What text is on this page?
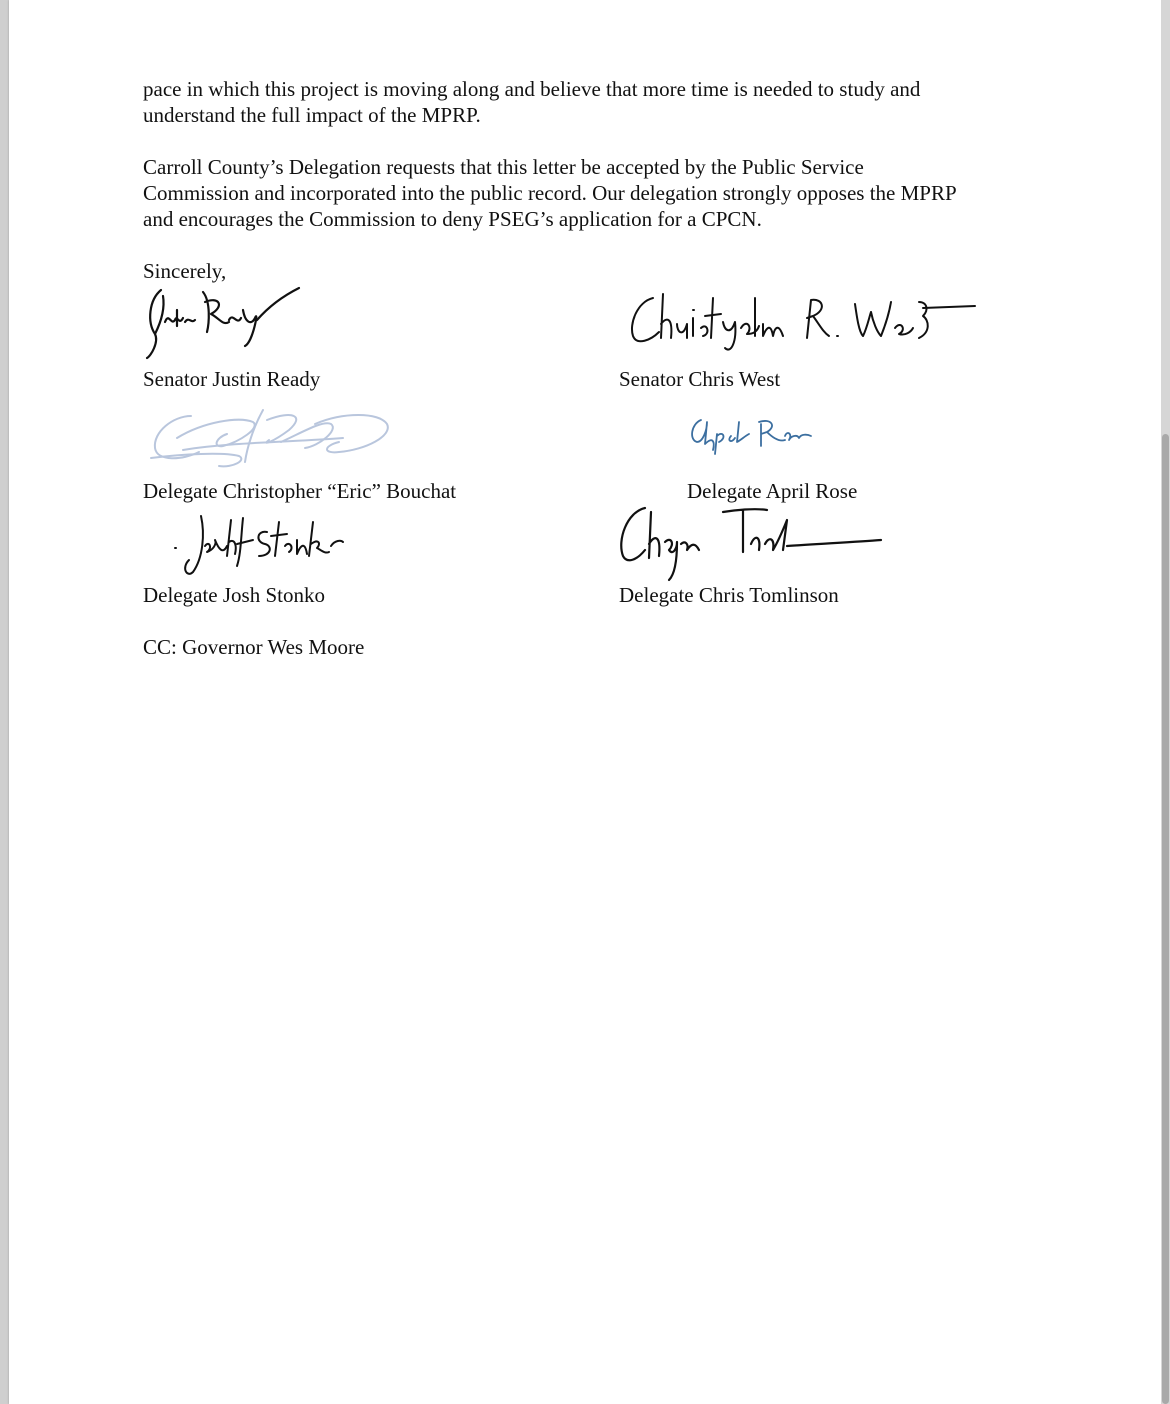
pace in which this project is moving along and believe that more time is needed to study and

understand the full impact of the MPRP.

Carroll County’s Delegation requests that this letter be accepted by the Public Service

Commission and incorporated into the public record. Our delegation strongly opposes the MPRP

and encourages the Commission to deny PSEG’s application for a CPCN.

Sincerely,

Senator Justin Ready	Senator Chris West

Delegate Christopher “Eric” Bouchat	Delegate April Rose

Delegate Josh Stonko	Delegate Chris Tomlinson

CC: Governor Wes Moore
